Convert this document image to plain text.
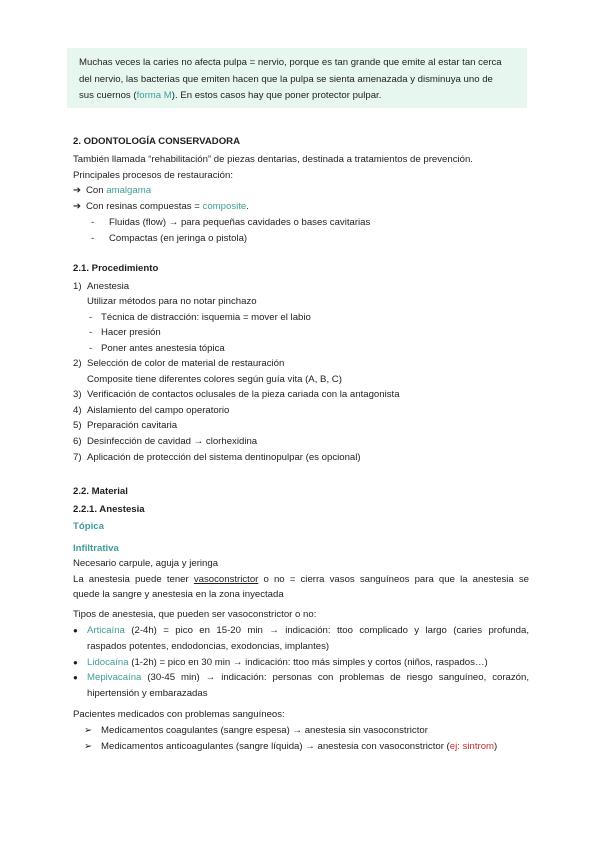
Muchas veces la caries no afecta pulpa = nervio, porque es tan grande que emite al estar tan cerca
del nervio, las bacterias que emiten hacen que la pulpa se sienta amenazada y disminuya uno de
sus cuernos (forma M). En estos casos hay que poner protector pulpar.
2. ODONTOLOGÍA CONSERVADORA
También llamada “rehabilitación” de piezas dentarias, destinada a tratamientos de prevención.
Principales procesos de restauración:
➔ Con amalgama
➔ Con resinas compuestas = composite.
- Fluidas (flow) → para pequeñas cavidades o bases cavitarias
- Compactas (en jeringa o pistola)
2.1. Procedimiento
1) Anestesia
Utilizar métodos para no notar pinchazo
- Técnica de distracción: isquemia = mover el labio
- Hacer presión
- Poner antes anestesia tópica
2) Selección de color de material de restauración
Composite tiene diferentes colores según guía vita (A, B, C)
3) Verificación de contactos oclusales de la pieza cariada con la antagonista
4) Aislamiento del campo operatorio
5) Preparación cavitaria
6) Desinfección de cavidad → clorhexidina
7) Aplicación de protección del sistema dentinopulpar (es opcional)
2.2. Material
2.2.1. Anestesia
Tópica
Infiltrativa
Necesario carpule, aguja y jeringa
La anestesia puede tener vasoconstrictor o no = cierra vasos sanguíneos para que la anestesia se
quede la sangre y anestesia en la zona inyectada
Tipos de anestesia, que pueden ser vasoconstrictor o no:
● Articaína (2-4h) = pico en 15-20 min → indicación: ttoo complicado y largo (caries profunda,
raspados potentes, endodoncias, exodoncias, implantes)
● Lidocaína (1-2h) = pico en 30 min → indicación: ttoo más simples y cortos (niños, raspados…)
● Mepivacaína (30-45 min) → indicación: personas con problemas de riesgo sanguíneo, corazón,
hipertensión y embarazadas
Pacientes medicados con problemas sanguíneos:
➢ Medicamentos coagulantes (sangre espesa) → anestesia sin vasoconstrictor
➢ Medicamentos anticoagulantes (sangre líquida) → anestesia con vasoconstrictor (ej: sintrom)
